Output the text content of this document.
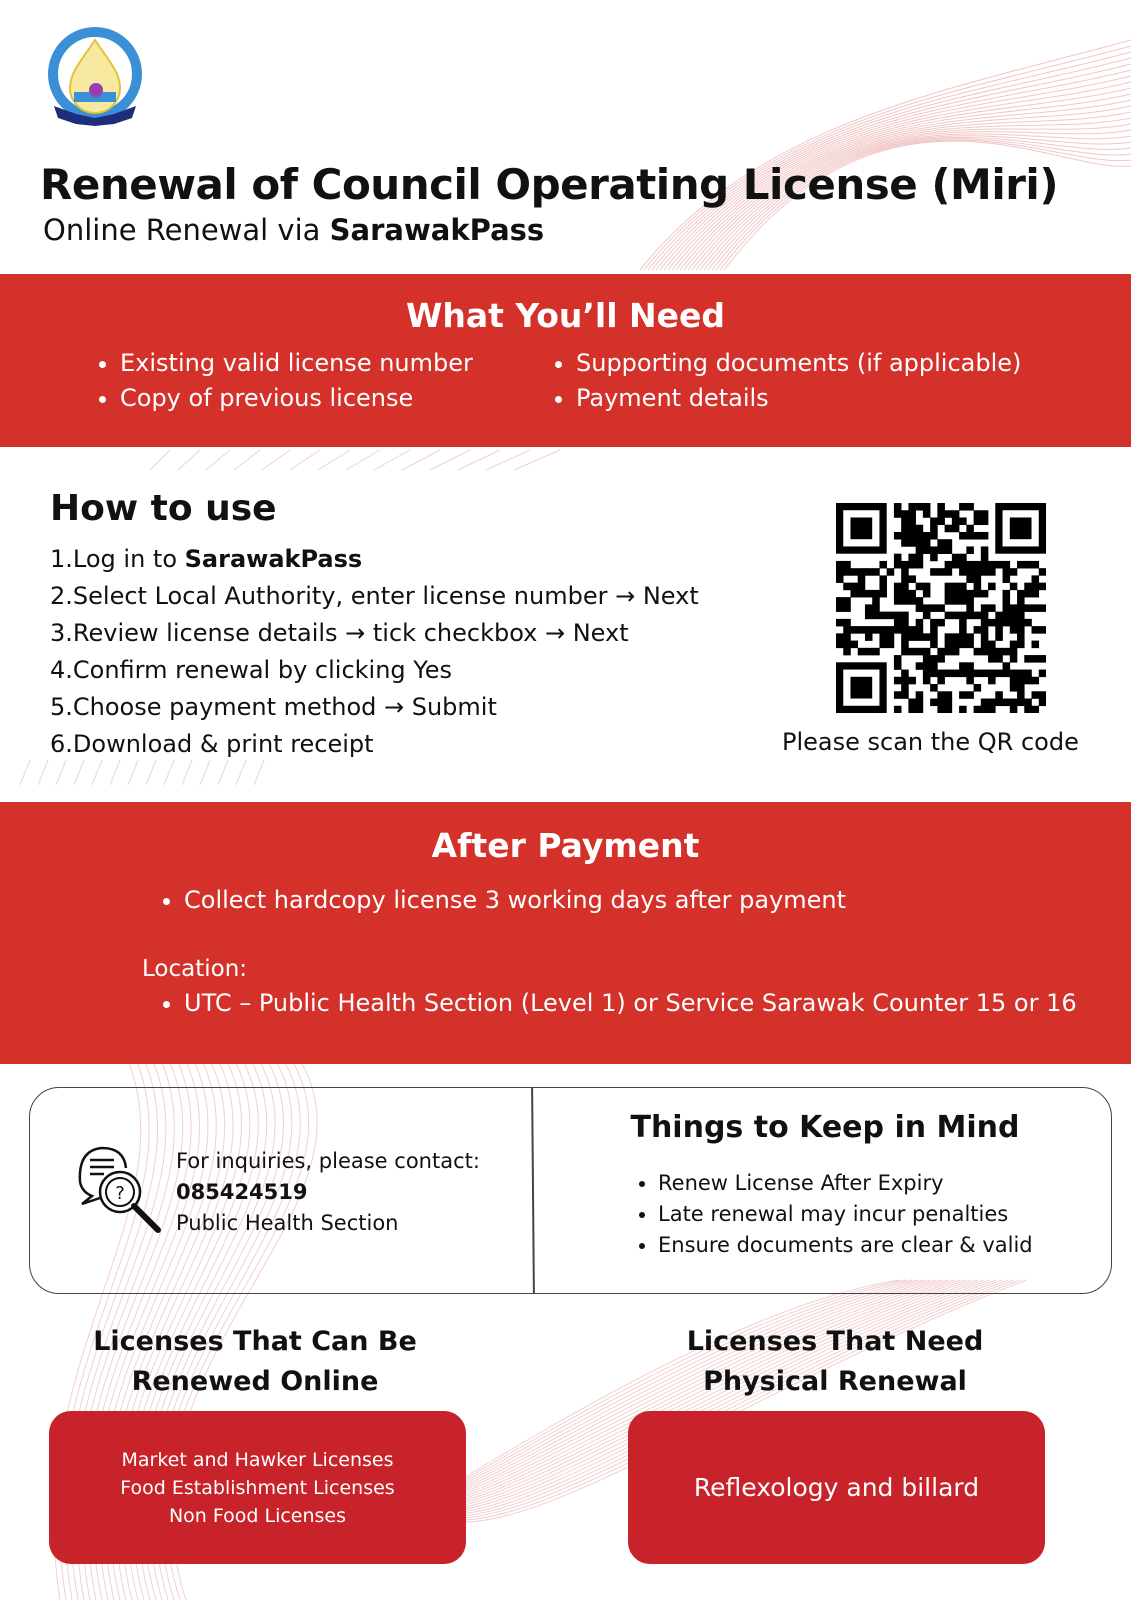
Renewal of Council Operating License (Miri)
Online Renewal via SarawakPass
What You’ll Need
• Existing valid license number
• Copy of previous license
• Supporting documents (if applicable)
• Payment details
How to use
1.Log in to SarawakPass
2.Select Local Authority, enter license number → Next
3.Review license details → tick checkbox → Next
4.Confirm renewal by clicking Yes
5.Choose payment method → Submit
6.Download & print receipt	Please scan the QR code
After Payment
• Collect hardcopy license 3 working days after payment
Location:
• UTC – Public Health Section (Level 1) or Service Sarawak Counter 15 or 16
?
For inquiries, please contact:
085424519
Public Health Section
Things to Keep in Mind
• Renew License After Expiry
• Late renewal may incur penalties
• Ensure documents are clear & valid
Licenses That Can Be
Renewed Online
Market and Hawker Licenses
Food Establishment Licenses
Non Food Licenses
Licenses That Need
Physical Renewal
Reflexology and billard
